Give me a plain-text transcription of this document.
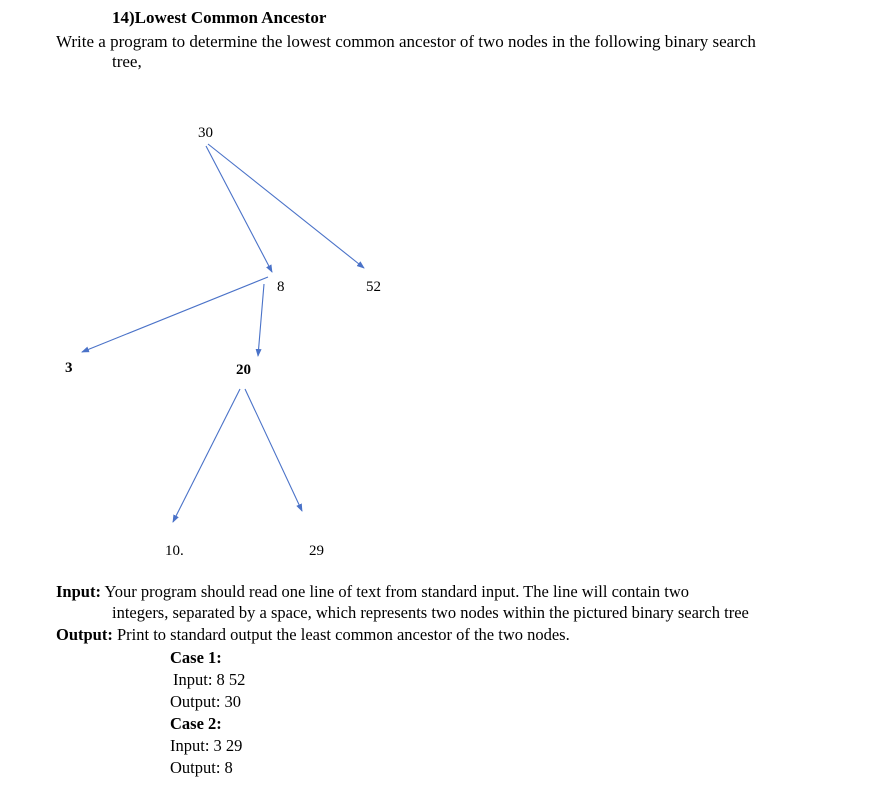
14)Lowest Common Ancestor
Write a program to determine the lowest common ancestor of two nodes in the following binary search
tree,
30
8	52
3	20
10.	29
Input: Your program should read one line of text from standard input. The line will contain two
integers, separated by a space, which represents two nodes within the pictured binary search tree
Output: Print to standard output the least common ancestor of the two nodes.
Case 1:
Input: 8 52
Output: 30
Case 2:
Input: 3 29
Output: 8
